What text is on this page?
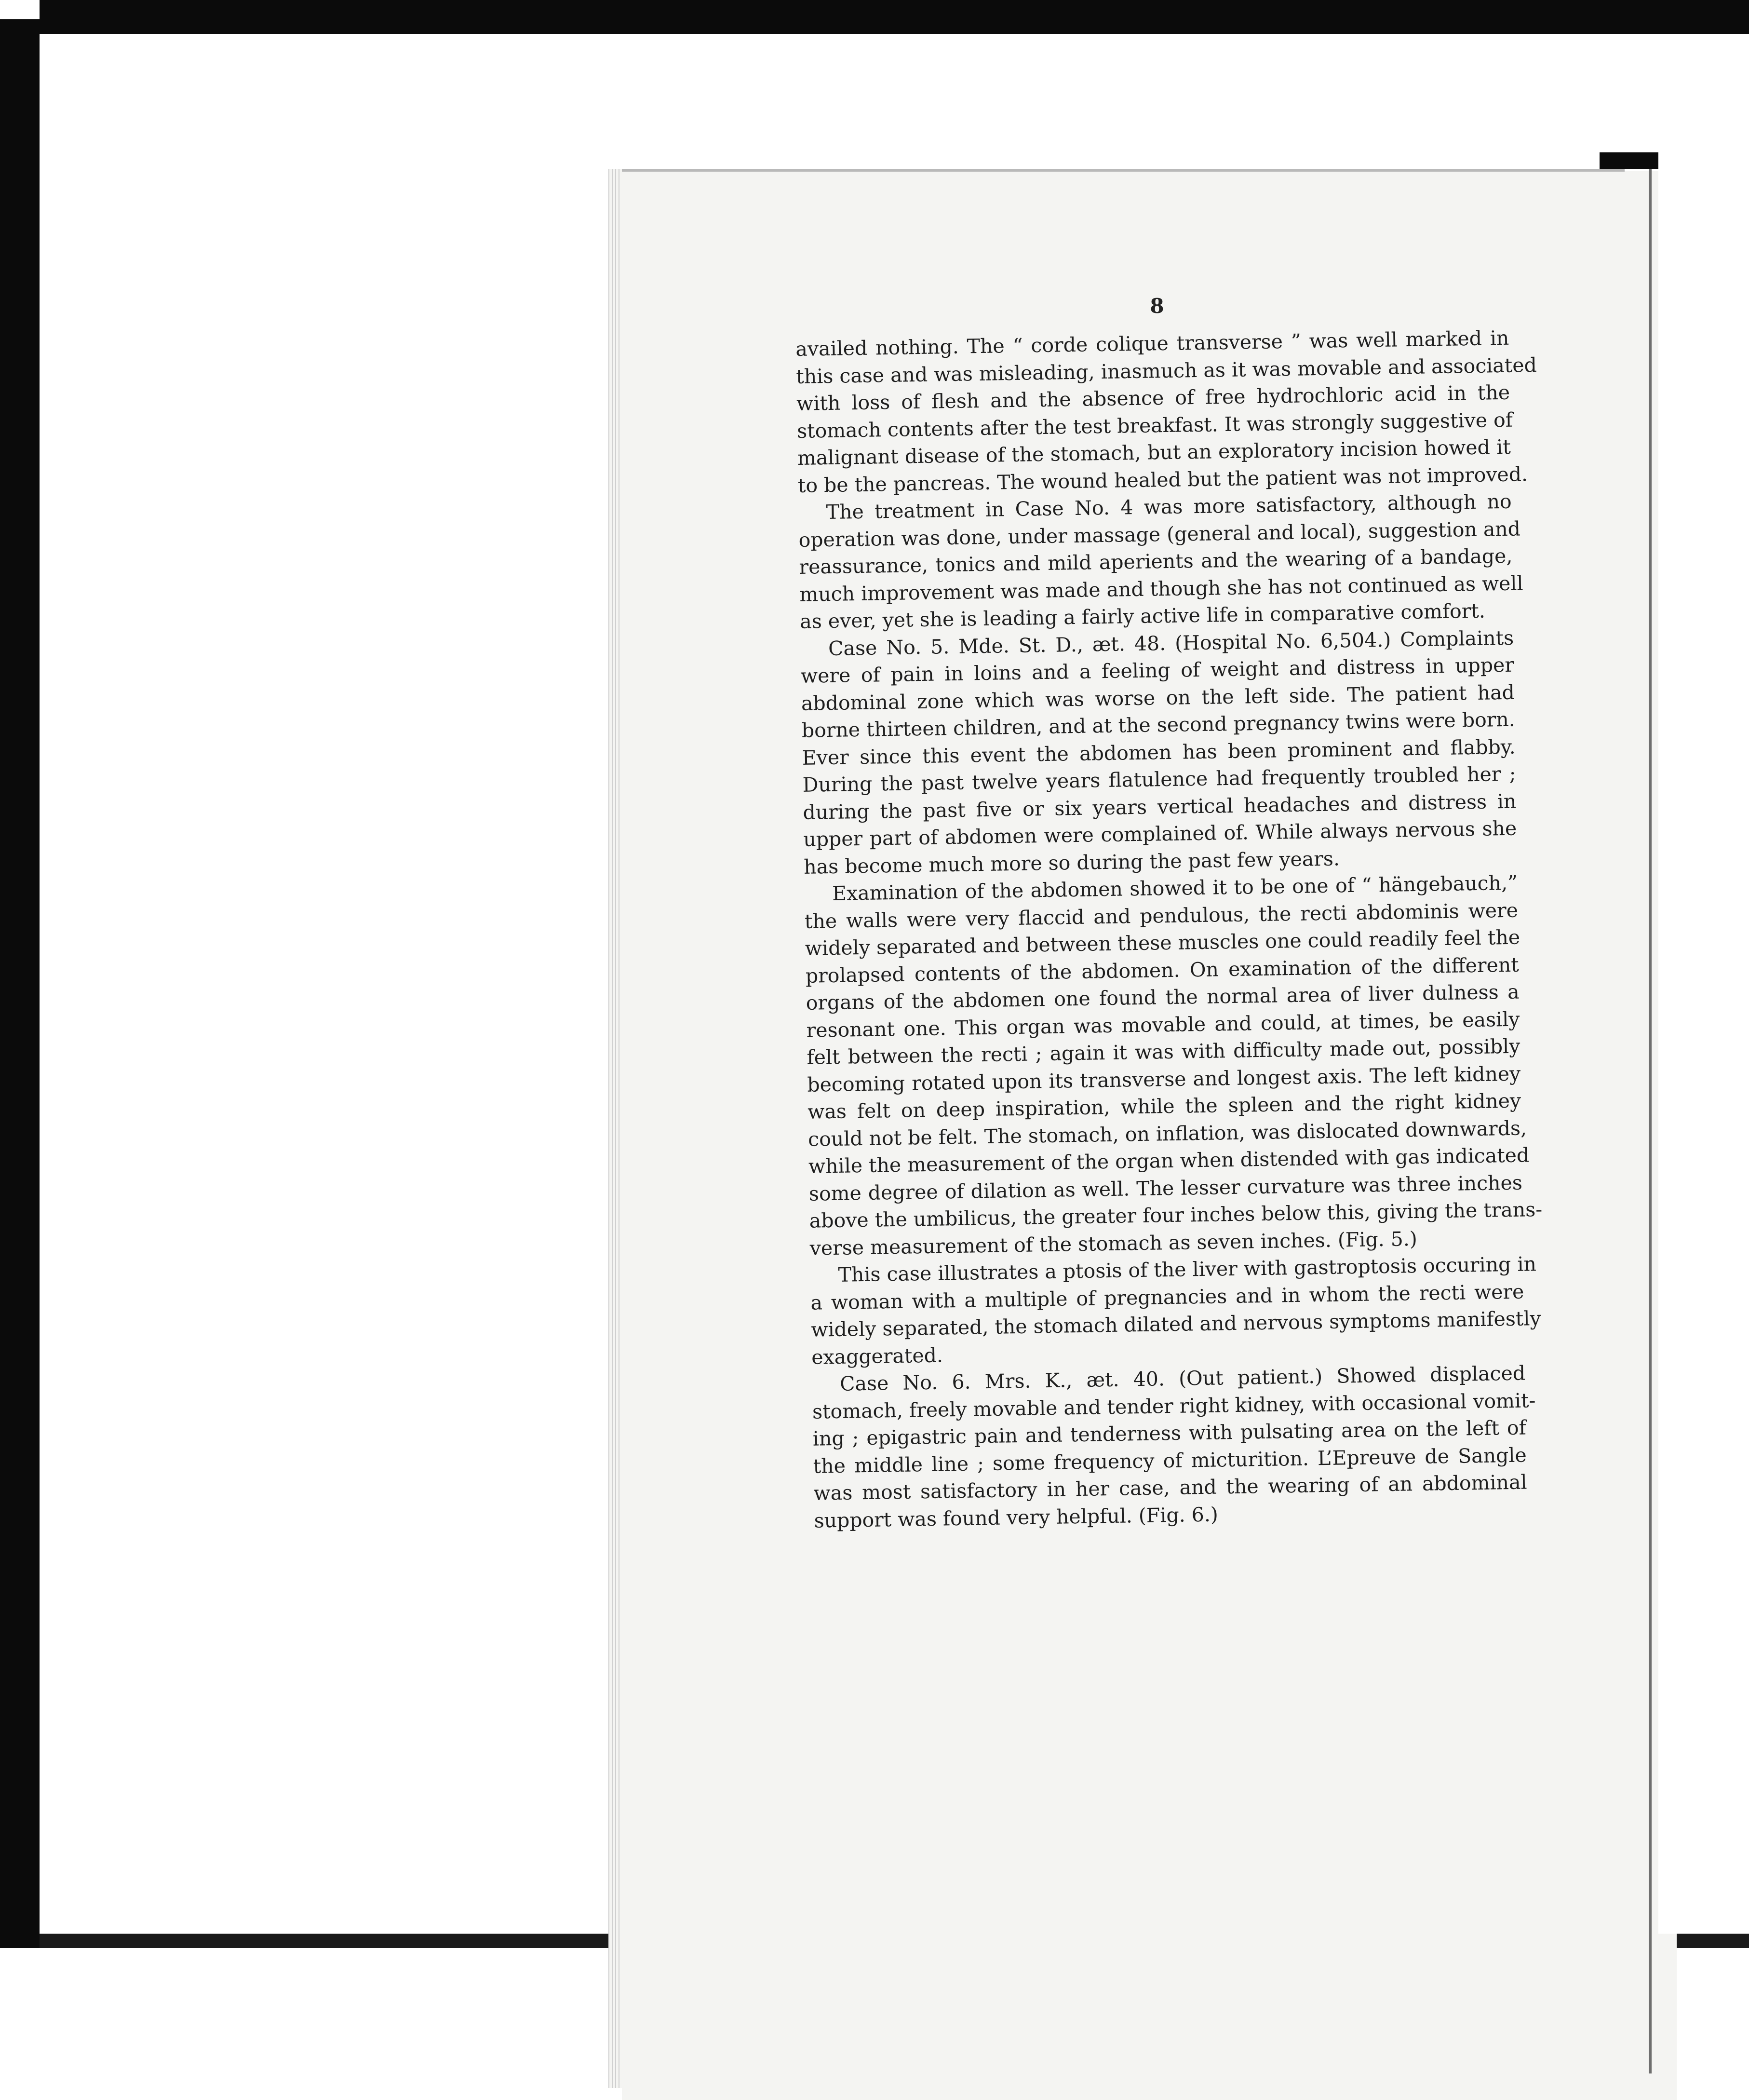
8
availed nothing. The “ corde colique transverse ” was well marked in
this case and was misleading, inasmuch as it was movable and associated
with loss of flesh and the absence of free hydrochloric acid in the
stomach contents after the test breakfast. It was strongly suggestive of
malignant disease of the stomach, but an exploratory incision howed it
to be the pancreas. The wound healed but the patient was not improved.
The treatment in Case No. 4 was more satisfactory, although no
operation was done, under massage (general and local), suggestion and
reassurance, tonics and mild aperients and the wearing of a bandage,
much improvement was made and though she has not continued as well
as ever, yet she is leading a fairly active life in comparative comfort.
Case No. 5. Mde. St. D., æt. 48. (Hospital No. 6,504.) Complaints
were of pain in loins and a feeling of weight and distress in upper
abdominal zone which was worse on the left side. The patient had
borne thirteen children, and at the second pregnancy twins were born.
Ever since this event the abdomen has been prominent and flabby.
During the past twelve years flatulence had frequently troubled her ;
during the past five or six years vertical headaches and distress in
upper part of abdomen were complained of. While always nervous she
has become much more so during the past few years.
Examination of the abdomen showed it to be one of “ hängebauch,”
the walls were very flaccid and pendulous, the recti abdominis were
widely separated and between these muscles one could readily feel the
prolapsed contents of the abdomen. On examination of the different
organs of the abdomen one found the normal area of liver dulness a
resonant one. This organ was movable and could, at times, be easily
felt between the recti ; again it was with difficulty made out, possibly
becoming rotated upon its transverse and longest axis. The left kidney
was felt on deep inspiration, while the spleen and the right kidney
could not be felt. The stomach, on inflation, was dislocated downwards,
while the measurement of the organ when distended with gas indicated
some degree of dilation as well. The lesser curvature was three inches
above the umbilicus, the greater four inches below this, giving the trans-
verse measurement of the stomach as seven inches. (Fig. 5.)
This case illustrates a ptosis of the liver with gastroptosis occuring in
a woman with a multiple of pregnancies and in whom the recti were
widely separated, the stomach dilated and nervous symptoms manifestly
exaggerated.
Case No. 6. Mrs. K., æt. 40. (Out patient.) Showed displaced
stomach, freely movable and tender right kidney, with occasional vomit-
ing ; epigastric pain and tenderness with pulsating area on the left of
the middle line ; some frequency of micturition. L’Epreuve de Sangle
was most satisfactory in her case, and the wearing of an abdominal
support was found very helpful. (Fig. 6.)
